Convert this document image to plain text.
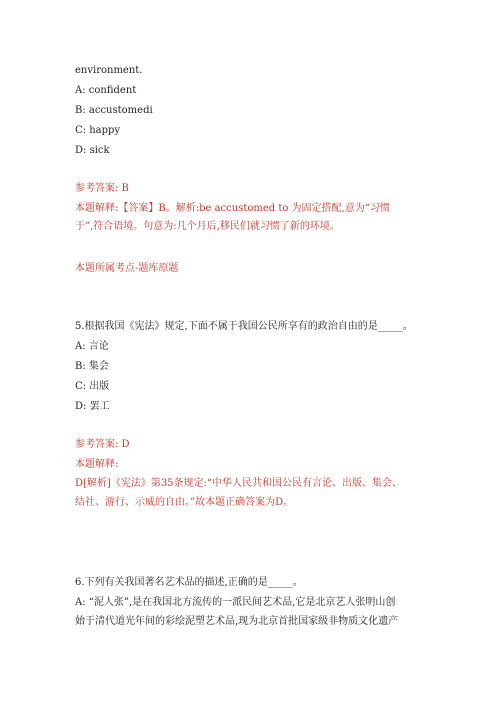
environment.
A: confident
B: accustomedi
C: happy
D: sick
参考答案: B
本题解释:【答案】B。解析:be accustomed to 为固定搭配,意为“习惯
于”,符合语境。句意为:几个月后,移民们就习惯了新的环境。
本题所属考点-题库原题
5.根据我国《宪法》规定,下面不属于我国公民所享有的政治自由的是_____。
A: 言论
B: 集会
C: 出版
D: 罢工
参考答案: D
本题解释:
D[解析]《宪法》第35条规定:“中华人民共和国公民有言论、出版、集会、
结社、游行、示威的自由。”故本题正确答案为D。
6.下列有关我国著名艺术品的描述,正确的是_____。
A: “泥人张”,是在我国北方流传的一派民间艺术品,它是北京艺人张明山创
始于清代道光年间的彩绘泥塑艺术品,现为北京首批国家级非物质文化遗产
